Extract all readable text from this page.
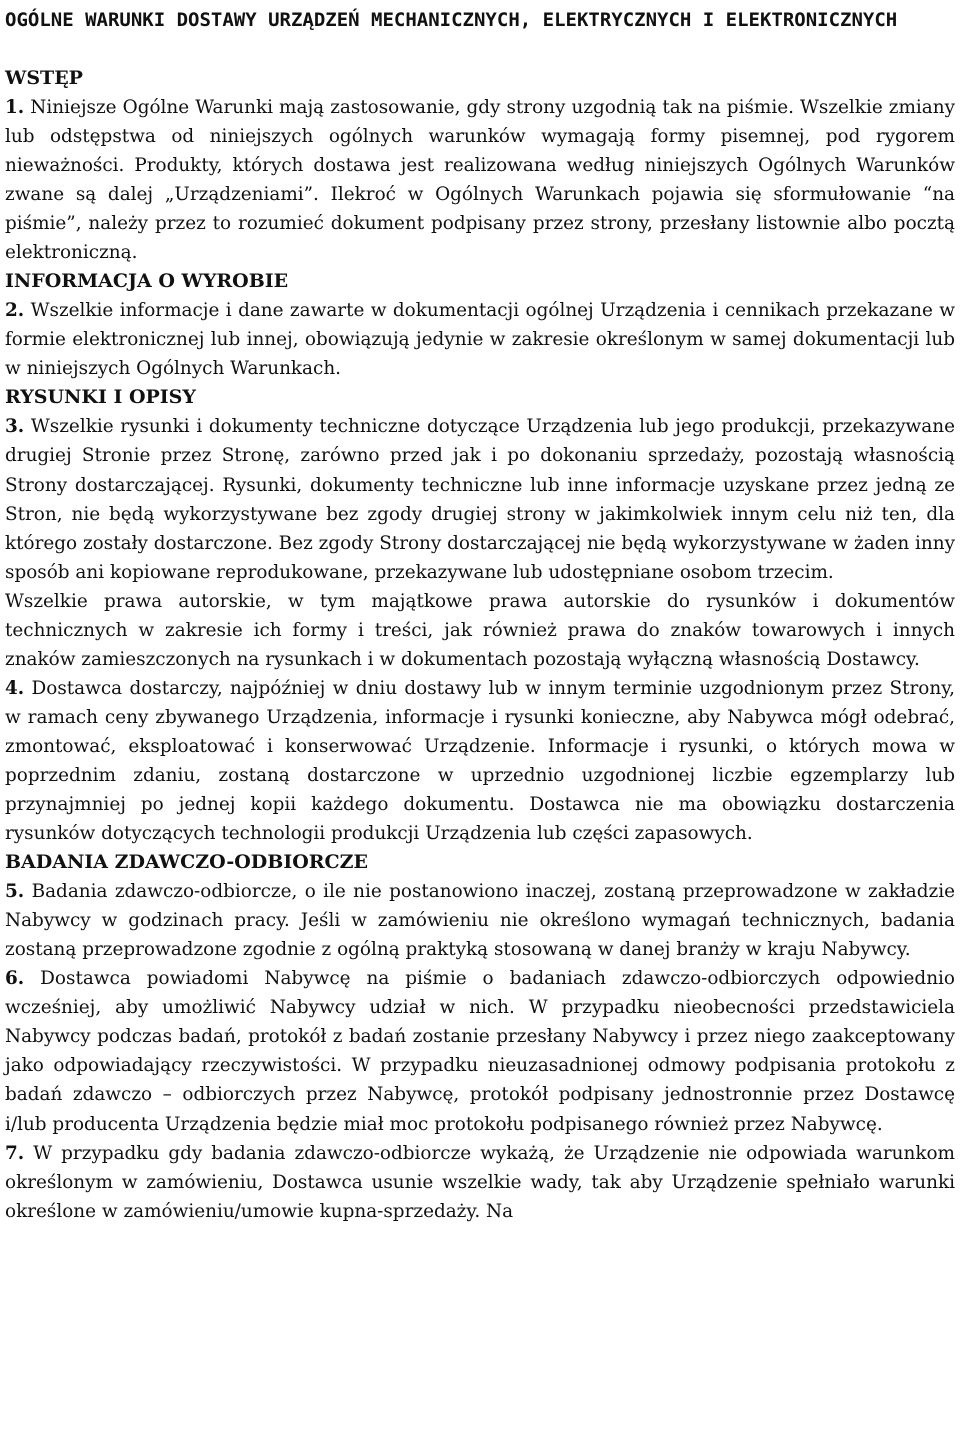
OGÓLNE WARUNKI DOSTAWY URZĄDZEŃ MECHANICZNYCH, ELEKTRYCZNYCH I ELEKTRONICZNYCH
WSTĘP

1. Niniejsze Ogólne Warunki mają zastosowanie, gdy strony uzgodnią tak na piśmie. Wszelkie zmiany lub odstępstwa od niniejszych ogólnych warunków wymagają formy pisemnej, pod rygorem nieważności. Produkty, których dostawa jest realizowana według niniejszych Ogólnych Warunków zwane są dalej „Urządzeniami”. Ilekroć w Ogólnych Warunkach pojawia się sformułowanie “na piśmie”, należy przez to rozumieć dokument podpisany przez strony, przesłany listownie albo pocztą elektroniczną.

INFORMACJA O WYROBIE

2. Wszelkie informacje i dane zawarte w dokumentacji ogólnej Urządzenia i cennikach przekazane w formie elektronicznej lub innej, obowiązują jedynie w zakresie określonym w samej dokumentacji lub w niniejszych Ogólnych Warunkach.

RYSUNKI I OPISY

3. Wszelkie rysunki i dokumenty techniczne dotyczące Urządzenia lub jego produkcji, przekazywane drugiej Stronie przez Stronę, zarówno przed jak i po dokonaniu sprzedaży, pozostają własnością Strony dostarczającej. Rysunki, dokumenty techniczne lub inne informacje uzyskane przez jedną ze Stron, nie będą wykorzystywane bez zgody drugiej strony w jakimkolwiek innym celu niż ten, dla którego zostały dostarczone. Bez zgody Strony dostarczającej nie będą wykorzystywane w żaden inny sposób ani kopiowane reprodukowane, przekazywane lub udostępniane osobom trzecim.

Wszelkie prawa autorskie, w tym majątkowe prawa autorskie do rysunków i dokumentów technicznych w zakresie ich formy i treści, jak również prawa do znaków towarowych i innych znaków zamieszczonych na rysunkach i w dokumentach pozostają wyłączną własnością Dostawcy.

4. Dostawca dostarczy, najpóźniej w dniu dostawy lub w innym terminie uzgodnionym przez Strony, w ramach ceny zbywanego Urządzenia, informacje i rysunki konieczne, aby Nabywca mógł odebrać, zmontować, eksploatować i konserwować Urządzenie. Informacje i rysunki, o których mowa w poprzednim zdaniu, zostaną dostarczone w uprzednio uzgodnionej liczbie egzemplarzy lub przynajmniej po jednej kopii każdego dokumentu. Dostawca nie ma obowiązku dostarczenia rysunków dotyczących technologii produkcji Urządzenia lub części zapasowych.

BADANIA ZDAWCZO-ODBIORCZE

5. Badania zdawczo-odbiorcze, o ile nie postanowiono inaczej, zostaną przeprowadzone w zakładzie Nabywcy w godzinach pracy. Jeśli w zamówieniu nie określono wymagań technicznych, badania zostaną przeprowadzone zgodnie z ogólną praktyką stosowaną w danej branży w kraju Nabywcy.

6. Dostawca powiadomi Nabywcę na piśmie o badaniach zdawczo-odbiorczych odpowiednio wcześniej, aby umożliwić Nabywcy udział w nich. W przypadku nieobecności przedstawiciela Nabywcy podczas badań, protokół z badań zostanie przesłany Nabywcy i przez niego zaakceptowany jako odpowiadający rzeczywistości. W przypadku nieuzasadnionej odmowy podpisania protokołu z badań zdawczo – odbiorczych przez Nabywcę, protokół podpisany jednostronnie przez Dostawcę i/lub producenta Urządzenia będzie miał moc protokołu podpisanego również przez Nabywcę.

7. W przypadku gdy badania zdawczo-odbiorcze wykażą, że Urządzenie nie odpowiada warunkom określonym w zamówieniu, Dostawca usunie wszelkie wady, tak aby Urządzenie spełniało warunki określone w zamówieniu/umowie kupna-sprzedaży. Na
